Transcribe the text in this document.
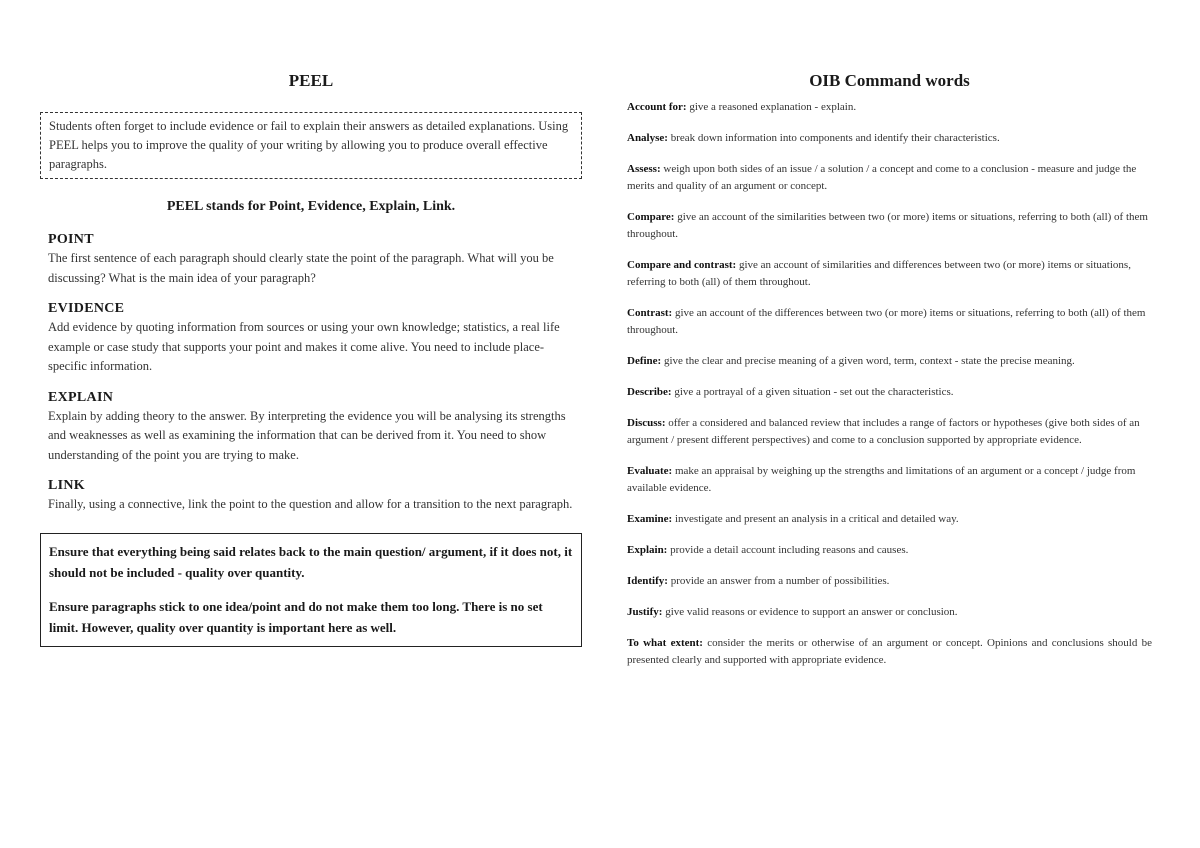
PEEL
Students often forget to include evidence or fail to explain their answers as detailed explanations. Using PEEL helps you to improve the quality of your writing by allowing you to produce overall effective paragraphs.
PEEL stands for Point, Evidence, Explain, Link.
POINT
The first sentence of each paragraph should clearly state the point of the paragraph. What will you be discussing? What is the main idea of your paragraph?
EVIDENCE
Add evidence by quoting information from sources or using your own knowledge; statistics, a real life example or case study that supports your point and makes it come alive. You need to include place-specific information.
EXPLAIN
Explain by adding theory to the answer. By interpreting the evidence you will be analysing its strengths and weaknesses as well as examining the information that can be derived from it. You need to show understanding of the point you are trying to make.
LINK
Finally, using a connective, link the point to the question and allow for a transition to the next paragraph.

Ensure that everything being said relates back to the main question/ argument, if it does not, it should not be included - quality over quantity.

Ensure paragraphs stick to one idea/point and do not make them too long. There is no set limit. However, quality over quantity is important here as well.

OIB Command words
Account for: give a reasoned explanation - explain.
Analyse: break down information into components and identify their characteristics.
Assess: weigh upon both sides of an issue / a solution / a concept and come to a conclusion - measure and judge the merits and quality of an argument or concept.
Compare: give an account of the similarities between two (or more) items or situations, referring to both (all) of them throughout.
Compare and contrast: give an account of similarities and differences between two (or more) items or situations, referring to both (all) of them throughout.
Contrast: give an account of the differences between two (or more) items or situations, referring to both (all) of them throughout.
Define: give the clear and precise meaning of a given word, term, context - state the precise meaning.
Describe: give a portrayal of a given situation - set out the characteristics.
Discuss: offer a considered and balanced review that includes a range of factors or hypotheses (give both sides of an argument / present different perspectives) and come to a conclusion supported by appropriate evidence.
Evaluate: make an appraisal by weighing up the strengths and limitations of an argument or a concept / judge from available evidence.
Examine: investigate and present an analysis in a critical and detailed way.
Explain: provide a detail account including reasons and causes.
Identify: provide an answer from a number of possibilities.
Justify: give valid reasons or evidence to support an answer or conclusion.
To what extent: consider the merits or otherwise of an argument or concept. Opinions and conclusions should be presented clearly and supported with appropriate evidence.
